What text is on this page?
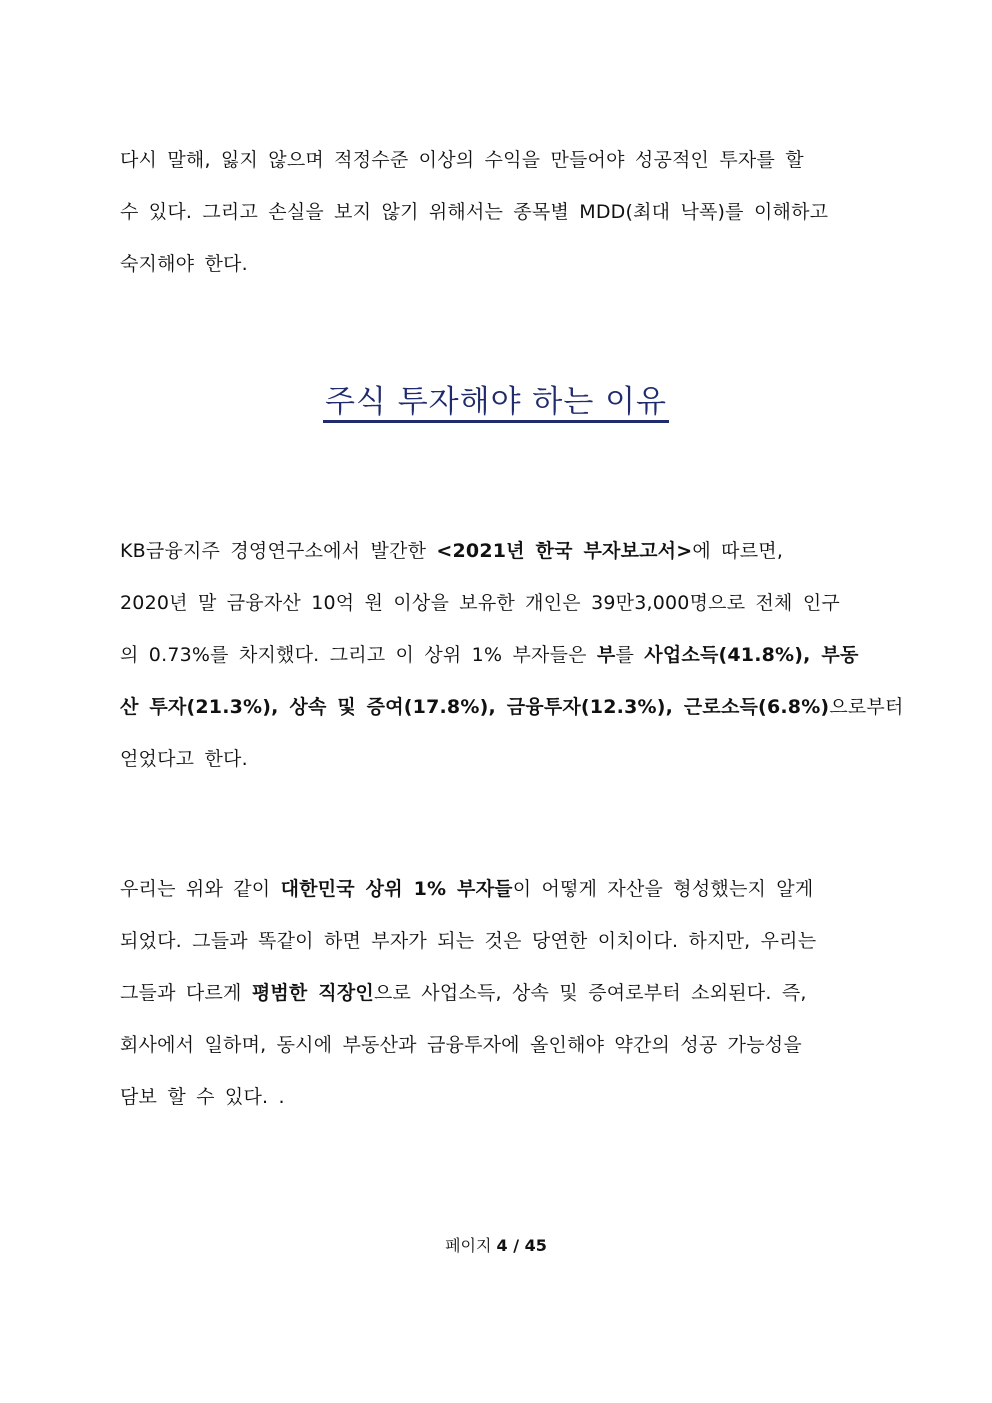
다시 말해, 잃지 않으며 적정수준 이상의 수익을 만들어야 성공적인 투자를 할
수 있다. 그리고 손실을 보지 않기 위해서는 종목별 MDD(최대 낙폭)를 이해하고
숙지해야 한다.
주식 투자해야 하는 이유
KB금융지주 경영연구소에서 발간한 <2021년 한국 부자보고서>에 따르면,
2020년 말 금융자산 10억 원 이상을 보유한 개인은 39만3,000명으로 전체 인구
의 0.73%를 차지했다. 그리고 이 상위 1% 부자들은 부를 사업소득(41.8%), 부동
산 투자(21.3%), 상속 및 증여(17.8%), 금융투자(12.3%), 근로소득(6.8%)으로부터
얻었다고 한다.
우리는 위와 같이 대한민국 상위 1% 부자들이 어떻게 자산을 형성했는지 알게
되었다. 그들과 똑같이 하면 부자가 되는 것은 당연한 이치이다. 하지만, 우리는
그들과 다르게 평범한 직장인으로 사업소득, 상속 및 증여로부터 소외된다. 즉,
회사에서 일하며, 동시에 부동산과 금융투자에 올인해야 약간의 성공 가능성을
담보 할 수 있다. .
페이지 4 / 45
